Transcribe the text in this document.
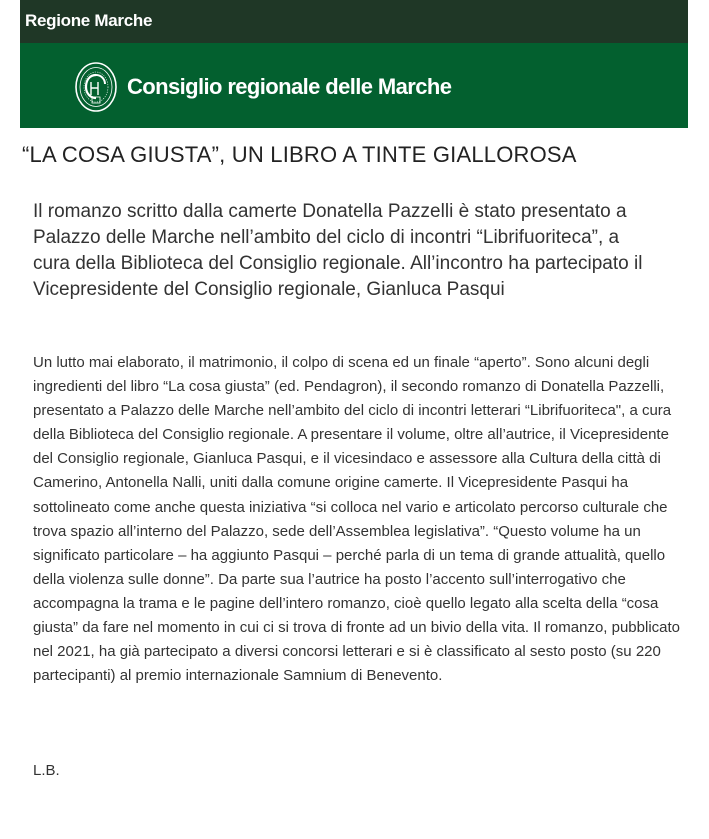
Regione Marche
Consiglio regionale delle Marche
“LA COSA GIUSTA”, UN LIBRO A TINTE GIALLOROSA

Il romanzo scritto dalla camerte Donatella Pazzelli è stato presentato a Palazzo delle Marche nell’ambito del ciclo di incontri “Librifuoriteca”, a cura della Biblioteca del Consiglio regionale. All’incontro ha partecipato il Vicepresidente del Consiglio regionale, Gianluca Pasqui

Un lutto mai elaborato, il matrimonio, il colpo di scena ed un finale “aperto”. Sono alcuni degli ingredienti del libro “La cosa giusta” (ed. Pendagron), il secondo romanzo di Donatella Pazzelli, presentato a Palazzo delle Marche nell’ambito del ciclo di incontri letterari “Librifuoriteca", a cura della Biblioteca del Consiglio regionale. A presentare il volume, oltre all’autrice, il Vicepresidente del Consiglio regionale, Gianluca Pasqui, e il vicesindaco e assessore alla Cultura della città di Camerino, Antonella Nalli, uniti dalla comune origine camerte. Il Vicepresidente Pasqui ha sottolineato come anche questa iniziativa “si colloca nel vario e articolato percorso culturale che trova spazio all’interno del Palazzo, sede dell’Assemblea legislativa”. “Questo volume ha un significato particolare – ha aggiunto Pasqui – perché parla di un tema di grande attualità, quello della violenza sulle donne”. Da parte sua l’autrice ha posto l’accento sull’interrogativo che accompagna la trama e le pagine dell’intero romanzo, cioè quello legato alla scelta della “cosa giusta” da fare nel momento in cui ci si trova di fronte ad un bivio della vita. Il romanzo, pubblicato nel 2021, ha già partecipato a diversi concorsi letterari e si è classificato al sesto posto (su 220 partecipanti) al premio internazionale Samnium di Benevento.

L.B.
